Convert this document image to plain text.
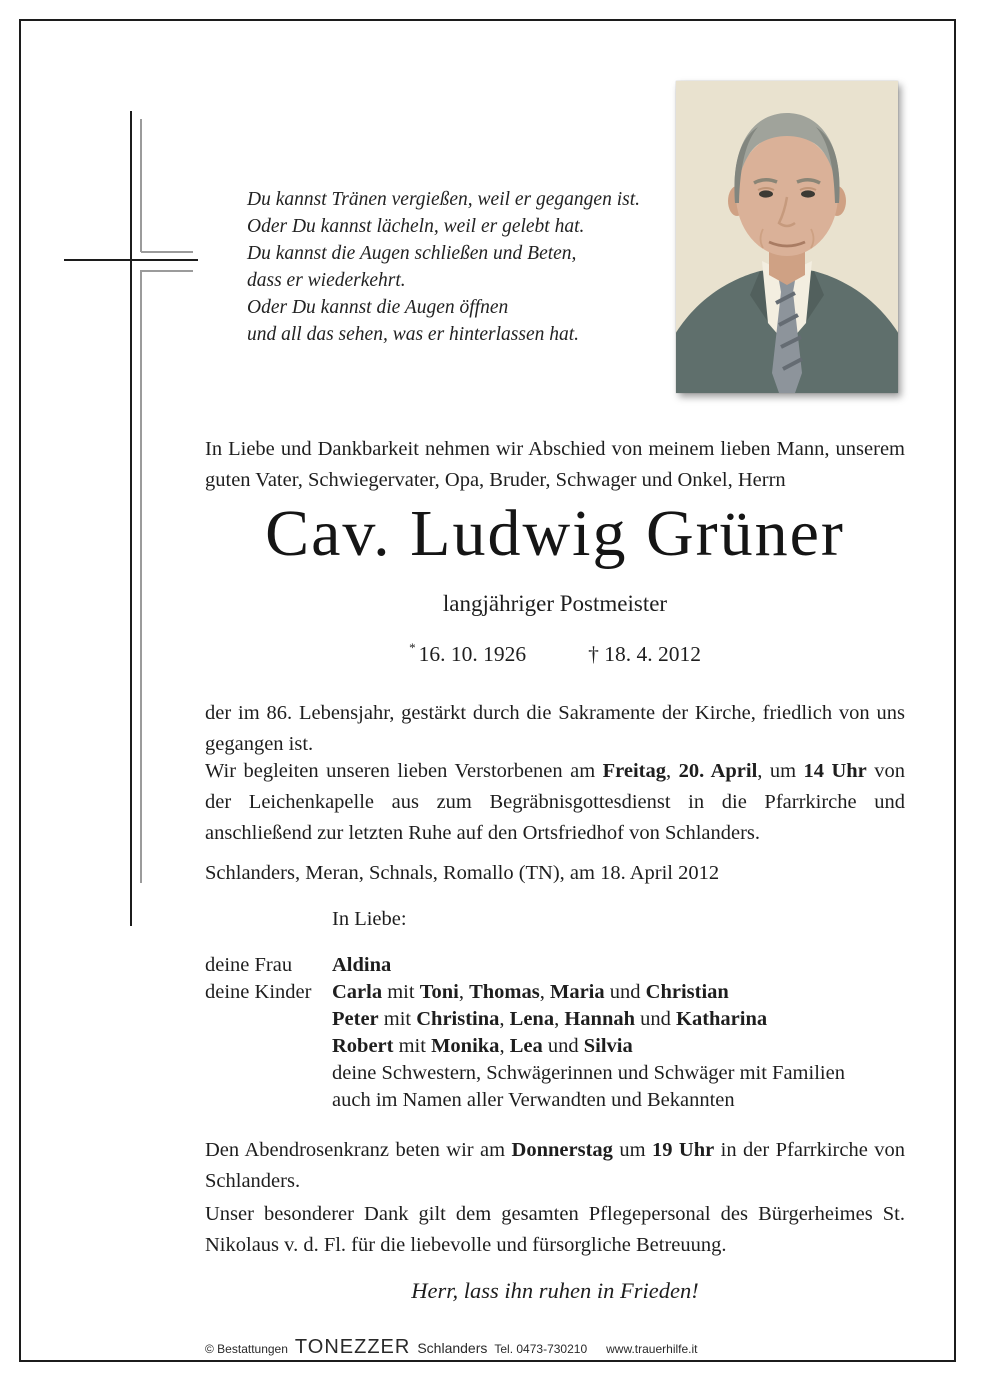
Du kannst Tränen vergießen, weil er gegangen ist.
Oder Du kannst lächeln, weil er gelebt hat.
Du kannst die Augen schließen und Beten,
dass er wiederkehrt.
Oder Du kannst die Augen öffnen
und all das sehen, was er hinterlassen hat.

In Liebe und Dankbarkeit nehmen wir Abschied von meinem lieben Mann, unserem guten Vater, Schwiegervater, Opa, Bruder, Schwager und Onkel, Herrn

Cav. Ludwig Grüner
langjähriger Postmeister
* 16. 10. 1926	† 18. 4. 2012

der im 86. Lebensjahr, gestärkt durch die Sakramente der Kirche, friedlich von uns gegangen ist.

Wir begleiten unseren lieben Verstorbenen am Freitag, 20. April, um 14 Uhr von der Leichenkapelle aus zum Begräbnisgottesdienst in die Pfarrkirche und anschließend zur letzten Ruhe auf den Ortsfriedhof von Schlanders.

Schlanders, Meran, Schnals, Romallo (TN), am 18. April 2012
In Liebe:
deine Frau	Aldina
deine Kinder	Carla mit Toni, Thomas, Maria und Christian
Peter mit Christina, Lena, Hannah und Katharina
Robert mit Monika, Lea und Silvia
deine Schwestern, Schwägerinnen und Schwäger mit Familien
auch im Namen aller Verwandten und Bekannten

Den Abendrosenkranz beten wir am Donnerstag um 19 Uhr in der Pfarrkirche von Schlanders.

Unser besonderer Dank gilt dem gesamten Pflegepersonal des Bürgerheimes St. Nikolaus v. d. Fl. für die liebevolle und fürsorgliche Betreuung.

Herr, lass ihn ruhen in Frieden!
© Bestattungen TONEZZER Schlanders Tel. 0473-730210 www.trauerhilfe.it
